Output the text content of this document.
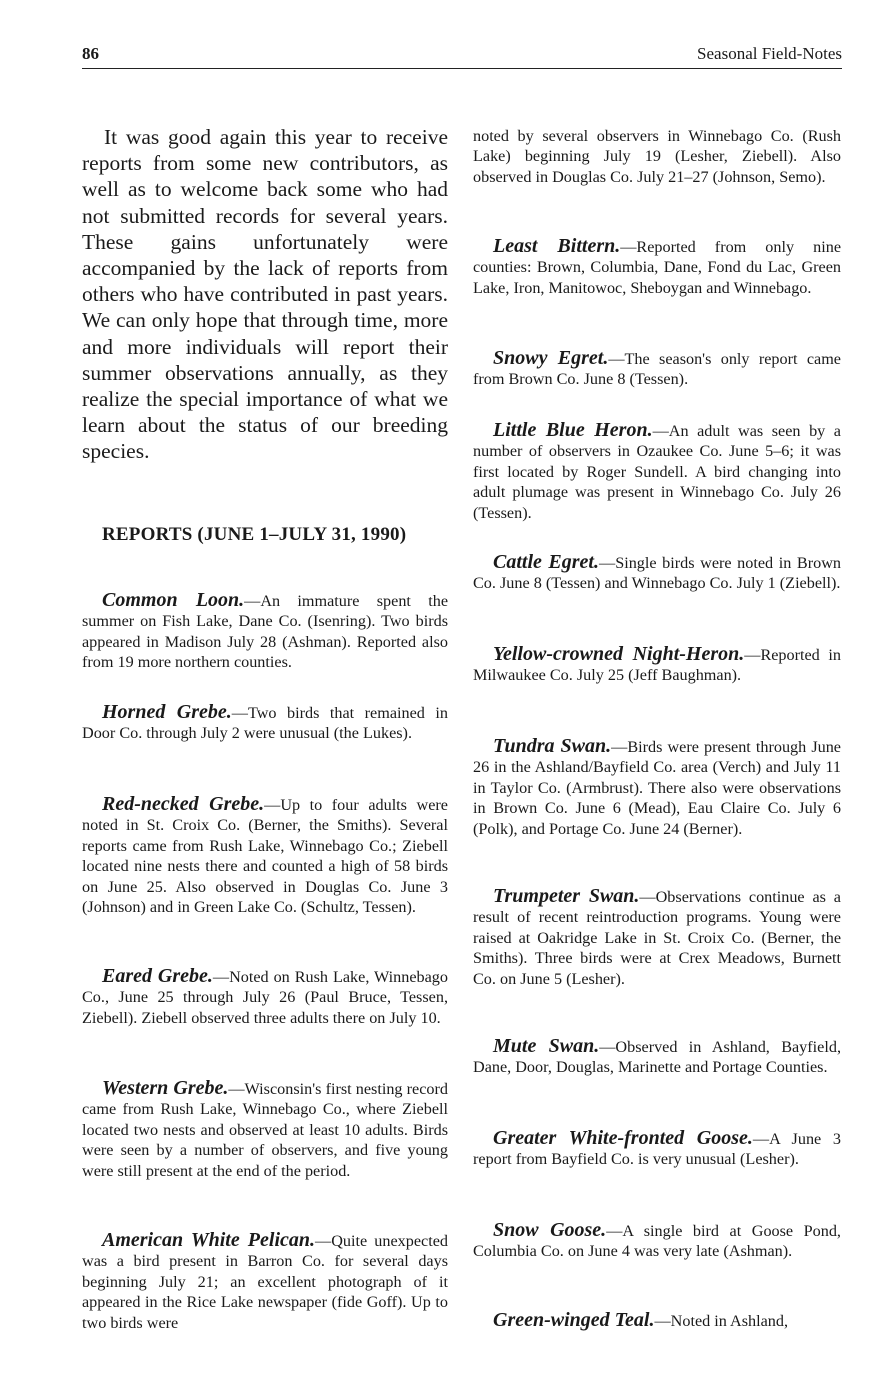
86	Seasonal Field-Notes

It was good again this year to receive reports from some new contributors, as well as to welcome back some who had not submitted records for several years. These gains unfortunately were accompanied by the lack of reports from others who have contributed in past years. We can only hope that through time, more and more individuals will report their summer observations annually, as they realize the special importance of what we learn about the status of our breeding species.

REPORTS (JUNE 1–JULY 31, 1990)

Common Loon.—An immature spent the summer on Fish Lake, Dane Co. (Isenring). Two birds appeared in Madison July 28 (Ashman). Reported also from 19 more northern counties.

Horned Grebe.—Two birds that remained in Door Co. through July 2 were unusual (the Lukes).

Red-necked Grebe.—Up to four adults were noted in St. Croix Co. (Berner, the Smiths). Several reports came from Rush Lake, Winnebago Co.; Ziebell located nine nests there and counted a high of 58 birds on June 25. Also observed in Douglas Co. June 3 (Johnson) and in Green Lake Co. (Schultz, Tessen).

Eared Grebe.—Noted on Rush Lake, Winnebago Co., June 25 through July 26 (Paul Bruce, Tessen, Ziebell). Ziebell observed three adults there on July 10.

Western Grebe.—Wisconsin's first nesting record came from Rush Lake, Winnebago Co., where Ziebell located two nests and observed at least 10 adults. Birds were seen by a number of observers, and five young were still present at the end of the period.

American White Pelican.—Quite unexpected was a bird present in Barron Co. for several days beginning July 21; an excellent photograph of it appeared in the Rice Lake newspaper (fide Goff). Up to two birds were

noted by several observers in Winnebago Co. (Rush Lake) beginning July 19 (Lesher, Ziebell). Also observed in Douglas Co. July 21–27 (Johnson, Semo).

Least Bittern.—Reported from only nine counties: Brown, Columbia, Dane, Fond du Lac, Green Lake, Iron, Manitowoc, Sheboygan and Winnebago.

Snowy Egret.—The season's only report came from Brown Co. June 8 (Tessen).

Little Blue Heron.—An adult was seen by a number of observers in Ozaukee Co. June 5–6; it was first located by Roger Sundell. A bird changing into adult plumage was present in Winnebago Co. July 26 (Tessen).

Cattle Egret.—Single birds were noted in Brown Co. June 8 (Tessen) and Winnebago Co. July 1 (Ziebell).

Yellow-crowned Night-Heron.—Reported in Milwaukee Co. July 25 (Jeff Baughman).

Tundra Swan.—Birds were present through June 26 in the Ashland/Bayfield Co. area (Verch) and July 11 in Taylor Co. (Armbrust). There also were observations in Brown Co. June 6 (Mead), Eau Claire Co. July 6 (Polk), and Portage Co. June 24 (Berner).

Trumpeter Swan.—Observations continue as a result of recent reintroduction programs. Young were raised at Oakridge Lake in St. Croix Co. (Berner, the Smiths). Three birds were at Crex Meadows, Burnett Co. on June 5 (Lesher).

Mute Swan.—Observed in Ashland, Bayfield, Dane, Door, Douglas, Marinette and Portage Counties.

Greater White-fronted Goose.—A June 3 report from Bayfield Co. is very unusual (Lesher).

Snow Goose.—A single bird at Goose Pond, Columbia Co. on June 4 was very late (Ashman).

Green-winged Teal.—Noted in Ashland,
